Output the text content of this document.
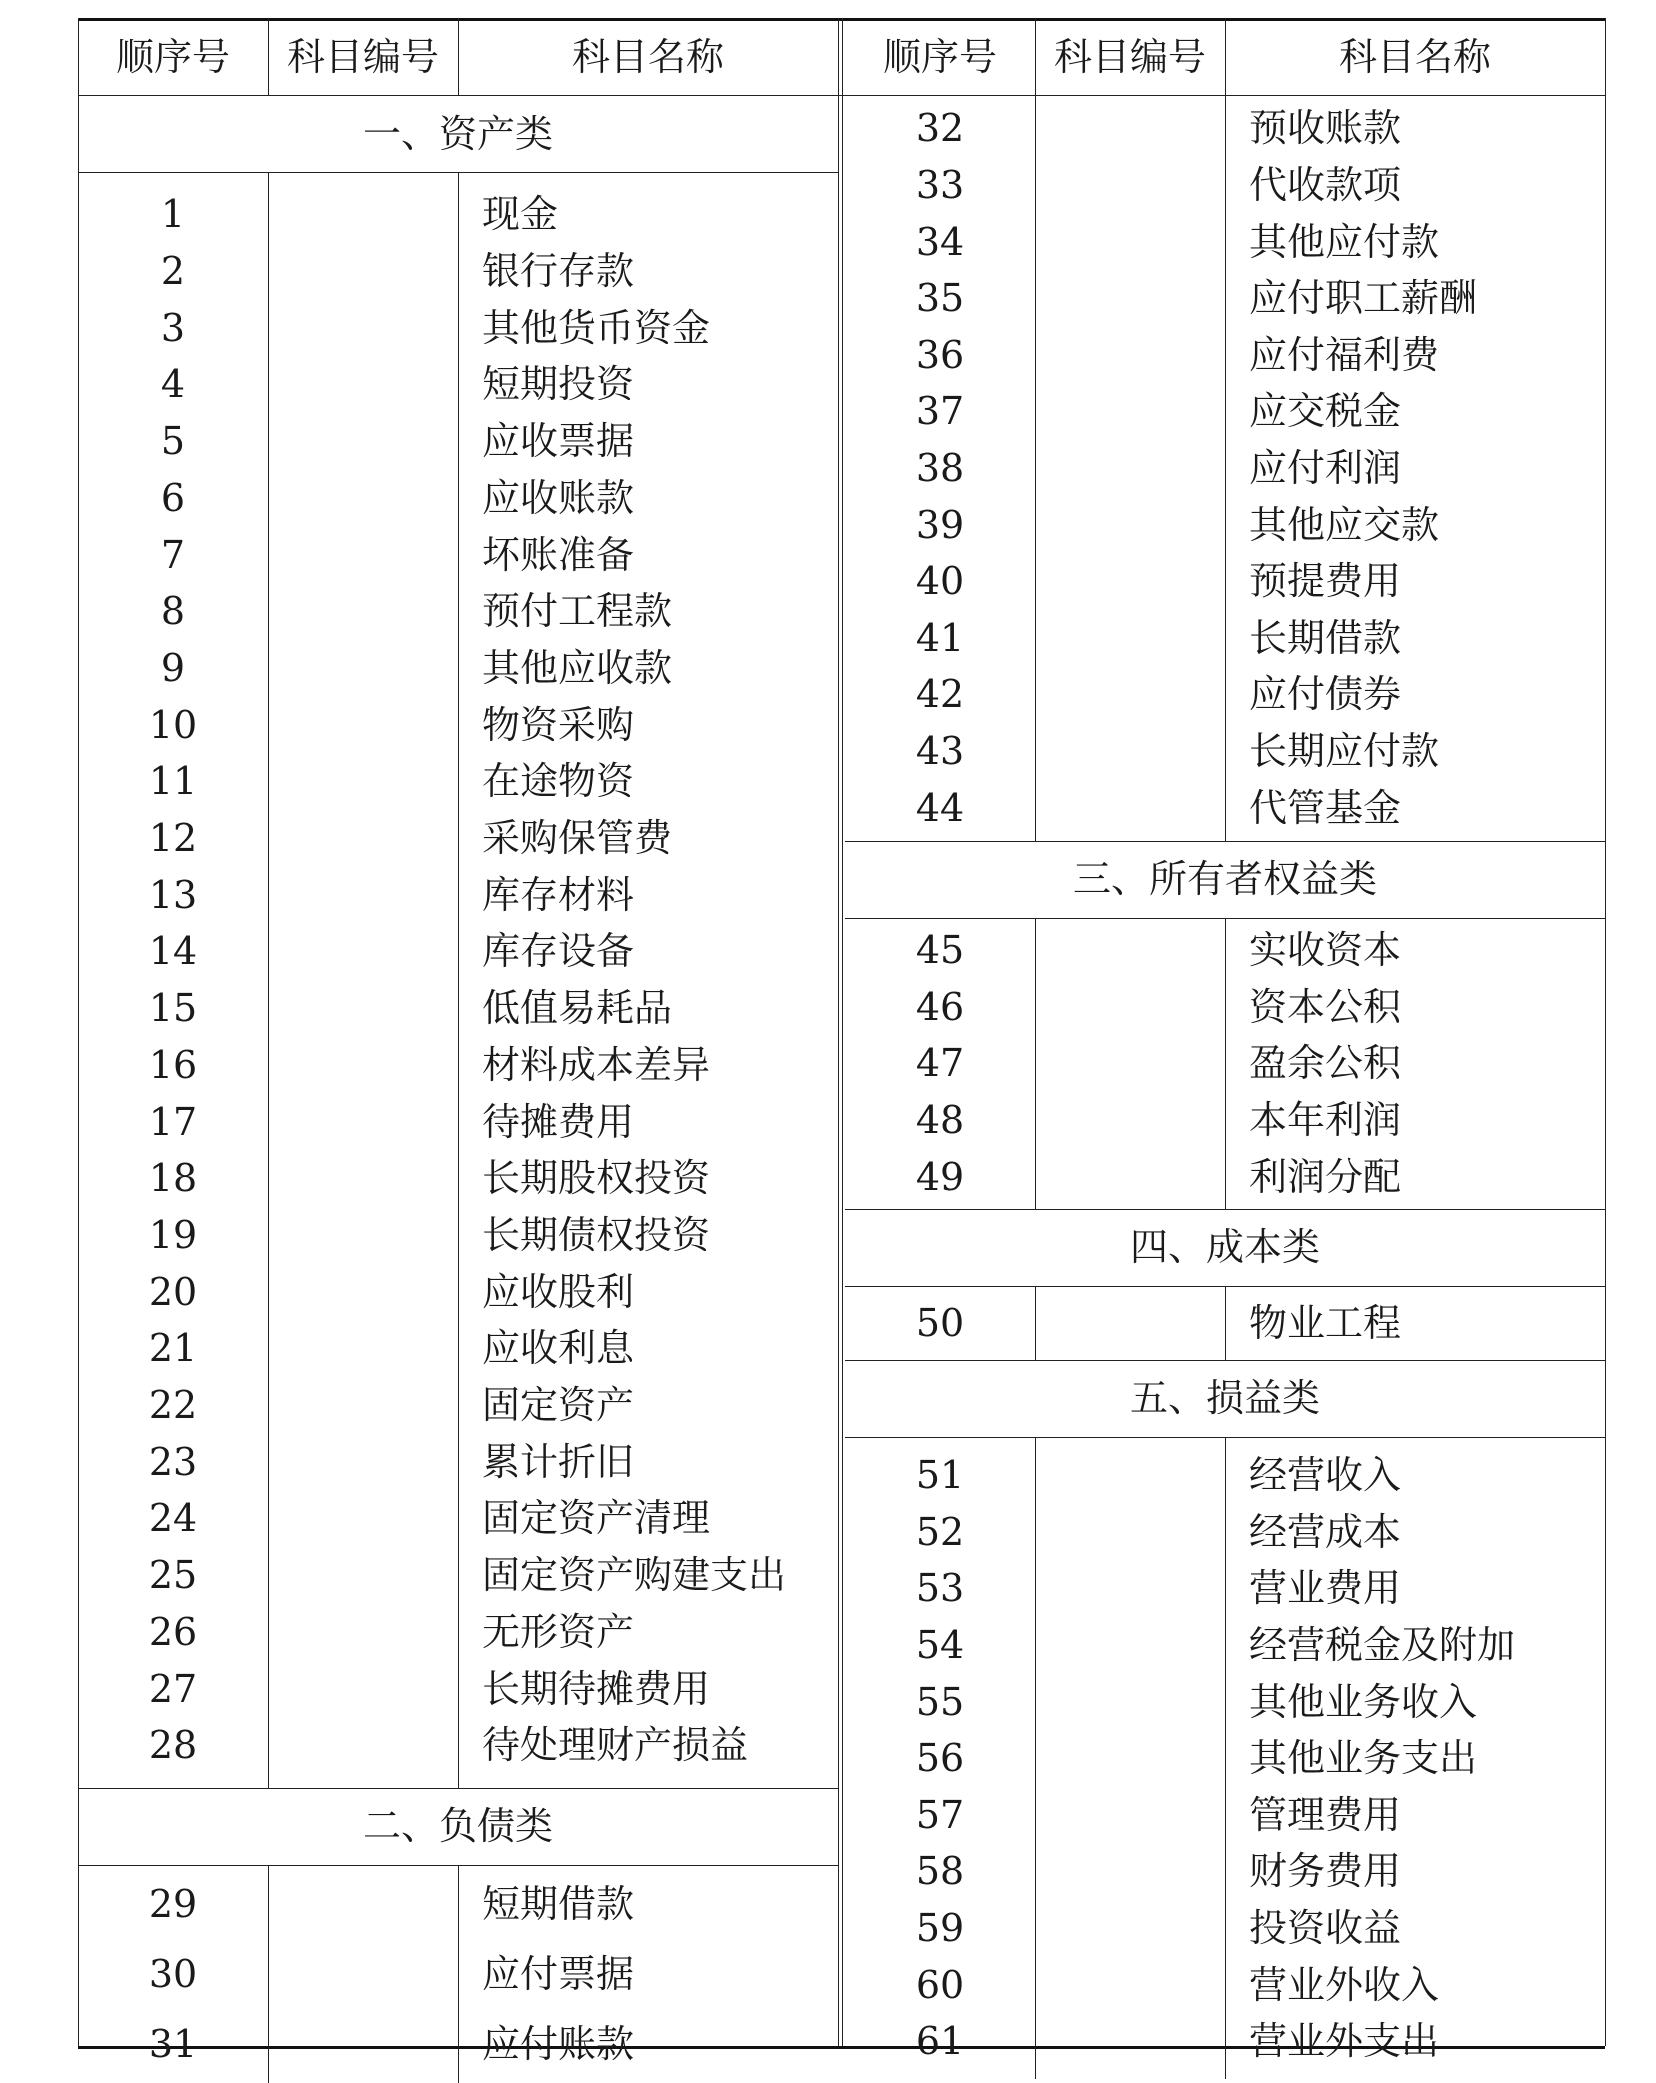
顺序号	科目编号	科目名称	顺序号	科目编号	科目名称
一、资产类
1	现金
2	银行存款
3	其他货币资金
4	短期投资
5	应收票据
6	应收账款
7	坏账准备
8	预付工程款
9	其他应收款
10	物资采购
11	在途物资
12	采购保管费
13	库存材料
14	库存设备
15	低值易耗品
16	材料成本差异
17	待摊费用
18	长期股权投资
19	长期债权投资
20	应收股利
21	应收利息
22	固定资产
23	累计折旧
24	固定资产清理
25	固定资产购建支出
26	无形资产
27	长期待摊费用
28	待处理财产损益
二、负债类
29	短期借款
30	应付票据
31	应付账款
32	预收账款
33	代收款项
34	其他应付款
35	应付职工薪酬
36	应付福利费
37	应交税金
38	应付利润
39	其他应交款
40	预提费用
41	长期借款
42	应付债券
43	长期应付款
44	代管基金
三、所有者权益类
45	实收资本
46	资本公积
47	盈余公积
48	本年利润
49	利润分配
四、成本类
50	物业工程
五、损益类
51	经营收入
52	经营成本
53	营业费用
54	经营税金及附加
55	其他业务收入
56	其他业务支出
57	管理费用
58	财务费用
59	投资收益
60	营业外收入
61	营业外支出
